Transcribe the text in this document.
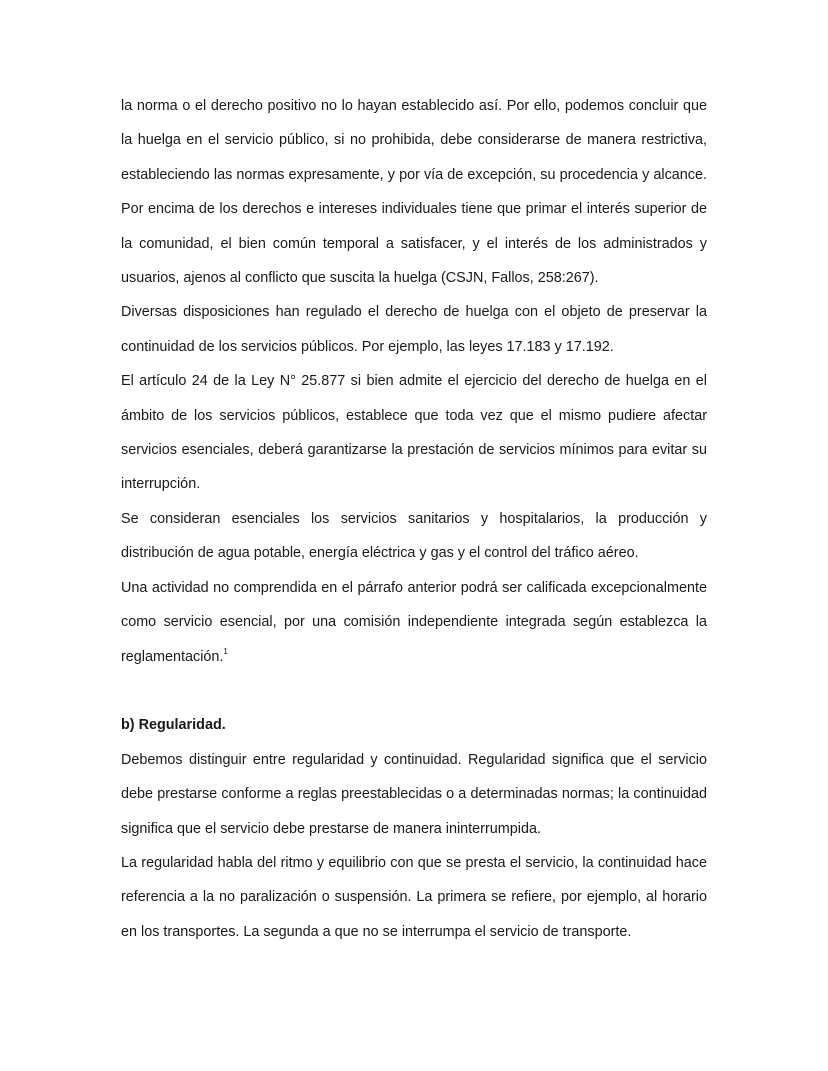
la norma o el derecho positivo no lo hayan establecido así. Por ello, podemos concluir que la huelga en el servicio público, si no prohibida, debe considerarse de manera restrictiva, estableciendo las normas expresamente, y por vía de excepción, su procedencia y alcance. Por encima de los derechos e intereses individuales tiene que primar el interés superior de la comunidad, el bien común temporal a satisfacer, y el interés de los administrados y usuarios, ajenos al conflicto que suscita la huelga (CSJN, Fallos, 258:267).

Diversas disposiciones han regulado el derecho de huelga con el objeto de preservar la continuidad de los servicios públicos. Por ejemplo, las leyes 17.183 y 17.192.

El artículo 24 de la Ley N° 25.877 si bien admite el ejercicio del derecho de huelga en el ámbito de los servicios públicos, establece que toda vez que el mismo pudiere afectar servicios esenciales, deberá garantizarse la prestación de servicios mínimos para evitar su interrupción.

Se consideran esenciales los servicios sanitarios y hospitalarios, la producción y distribución de agua potable, energía eléctrica y gas y el control del tráfico aéreo.

Una actividad no comprendida en el párrafo anterior podrá ser calificada excepcionalmente como servicio esencial, por una comisión independiente integrada según establezca la reglamentación.$^1$

b) Regularidad.

Debemos distinguir entre regularidad y continuidad. Regularidad significa que el servicio debe prestarse conforme a reglas preestablecidas o a determinadas normas; la continuidad significa que el servicio debe prestarse de manera ininterrumpida.

La regularidad habla del ritmo y equilibrio con que se presta el servicio, la continuidad hace referencia a la no paralización o suspensión. La primera se refiere, por ejemplo, al horario en los transportes. La segunda a que no se interrumpa el servicio de transporte.
